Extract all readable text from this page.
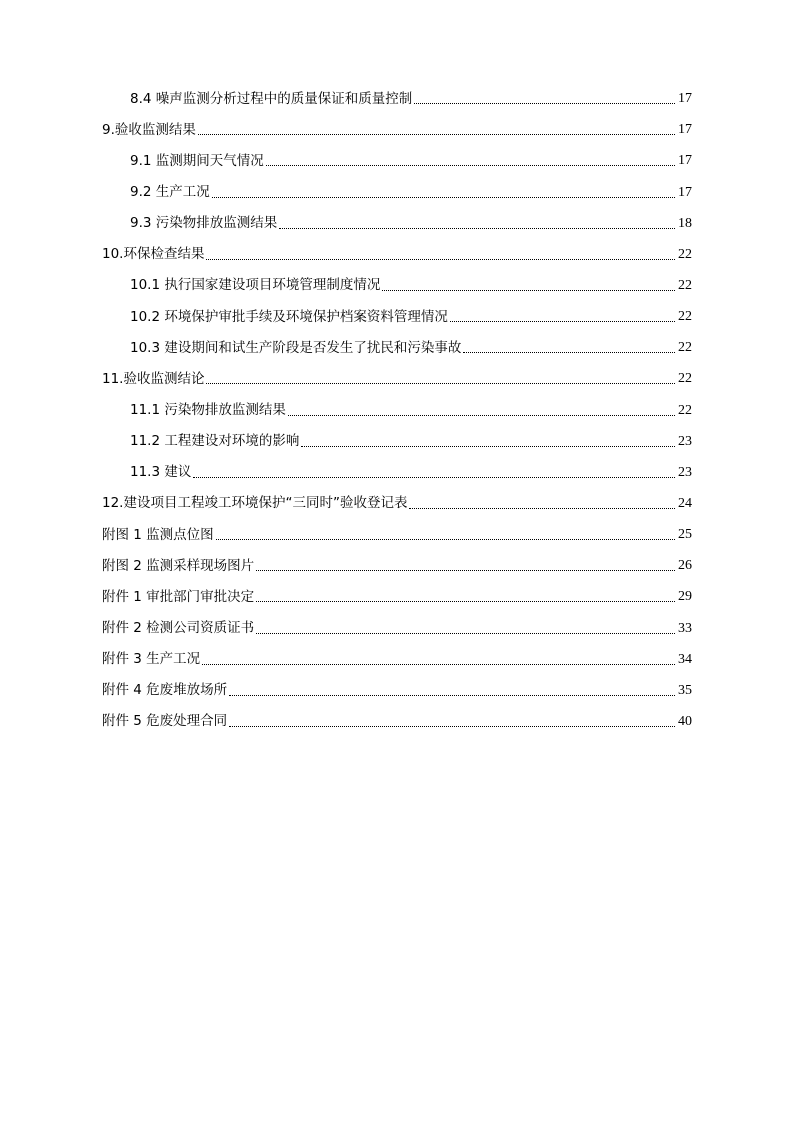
8.4 噪声监测分析过程中的质量保证和质量控制	17
9.验收监测结果	17
9.1 监测期间天气情况	17
9.2 生产工况	17
9.3 污染物排放监测结果	18
10.环保检查结果	22
10.1 执行国家建设项目环境管理制度情况	22
10.2 环境保护审批手续及环境保护档案资料管理情况	22
10.3 建设期间和试生产阶段是否发生了扰民和污染事故	22
11.验收监测结论	22
11.1 污染物排放监测结果	22
11.2 工程建设对环境的影响	23
11.3 建议	23
12.建设项目工程竣工环境保护“三同时”验收登记表	24
附图 1 监测点位图	25
附图 2 监测采样现场图片	26
附件 1 审批部门审批决定	29
附件 2 检测公司资质证书	33
附件 3 生产工况	34
附件 4 危废堆放场所	35
附件 5 危废处理合同	40
